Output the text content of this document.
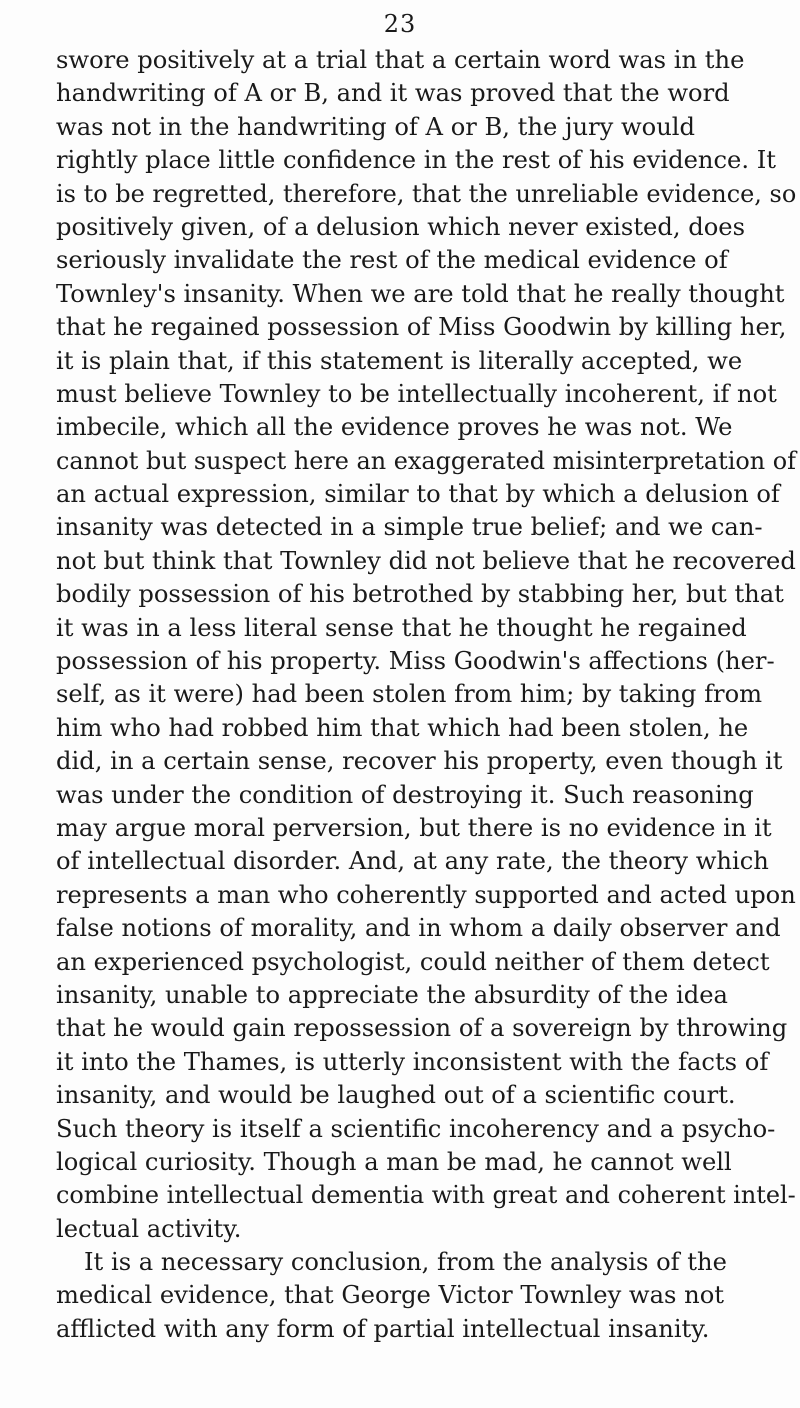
23
swore positively at a trial that a certain word was in the
handwriting of A or B, and it was proved that the word
was not in the handwriting of A or B, the jury would
rightly place little confidence in the rest of his evidence. It
is to be regretted, therefore, that the unreliable evidence, so
positively given, of a delusion which never existed, does
seriously invalidate the rest of the medical evidence of
Townley's insanity. When we are told that he really thought
that he regained possession of Miss Goodwin by killing her,
it is plain that, if this statement is literally accepted, we
must believe Townley to be intellectually incoherent, if not
imbecile, which all the evidence proves he was not. We
cannot but suspect here an exaggerated misinterpretation of
an actual expression, similar to that by which a delusion of
insanity was detected in a simple true belief; and we can-
not but think that Townley did not believe that he recovered
bodily possession of his betrothed by stabbing her, but that
it was in a less literal sense that he thought he regained
possession of his property. Miss Goodwin's affections (her-
self, as it were) had been stolen from him; by taking from
him who had robbed him that which had been stolen, he
did, in a certain sense, recover his property, even though it
was under the condition of destroying it. Such reasoning
may argue moral perversion, but there is no evidence in it
of intellectual disorder. And, at any rate, the theory which
represents a man who coherently supported and acted upon
false notions of morality, and in whom a daily observer and
an experienced psychologist, could neither of them detect
insanity, unable to appreciate the absurdity of the idea
that he would gain repossession of a sovereign by throwing
it into the Thames, is utterly inconsistent with the facts of
insanity, and would be laughed out of a scientific court.
Such theory is itself a scientific incoherency and a psycho-
logical curiosity. Though a man be mad, he cannot well
combine intellectual dementia with great and coherent intel-
lectual activity.
It is a necessary conclusion, from the analysis of the
medical evidence, that George Victor Townley was not
afflicted with any form of partial intellectual insanity.
